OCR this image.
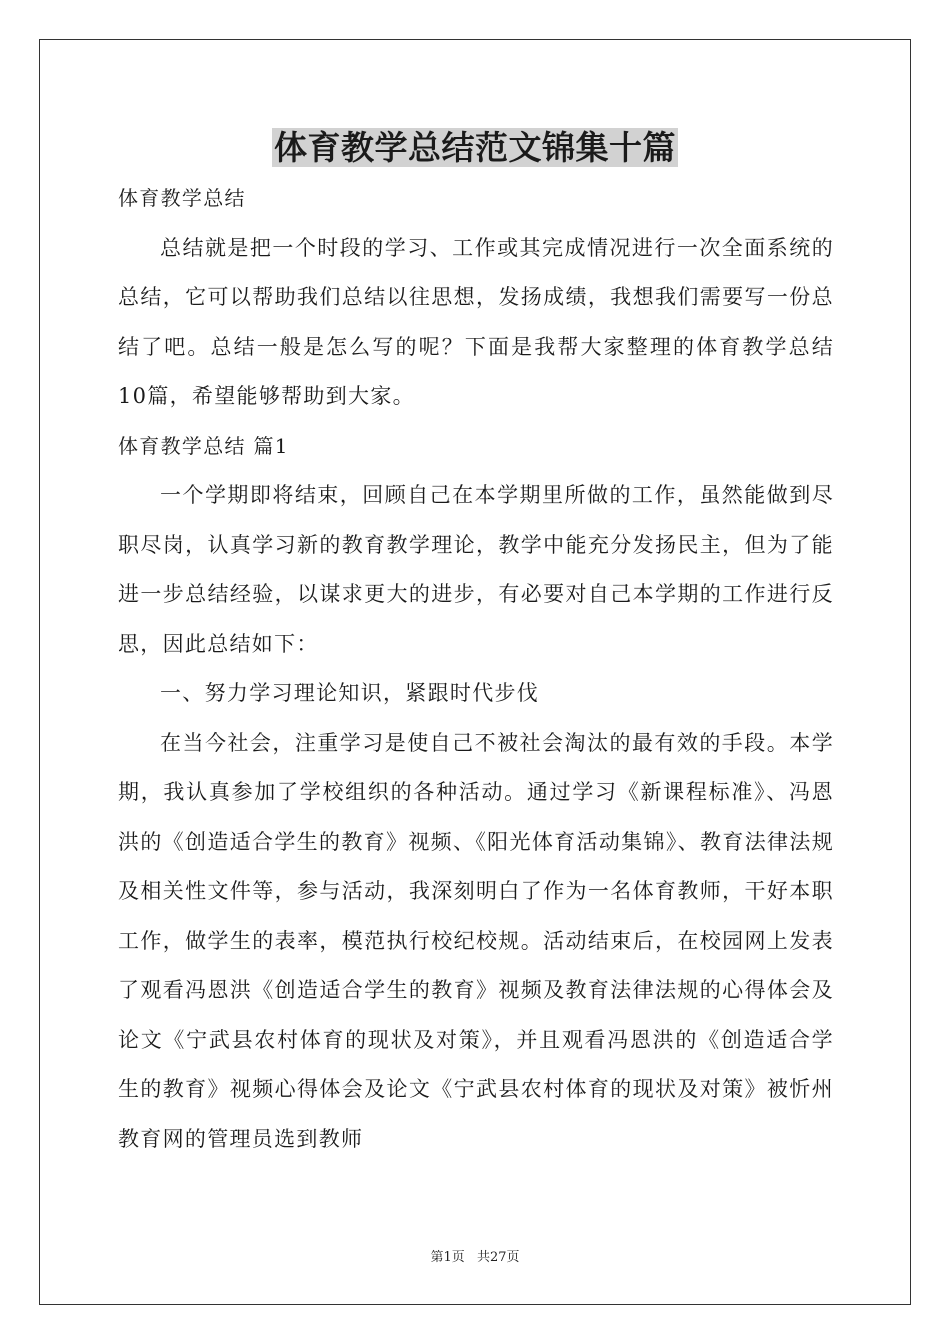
体育教学总结范文锦集十篇

体育教学总结

总结就是把一个时段的学习、工作或其完成情况进行一次全面系统的总结，它可以帮助我们总结以往思想，发扬成绩，我想我们需要写一份总结了吧。总结一般是怎么写的呢？下面是我帮大家整理的体育教学总结10篇，希望能够帮助到大家。

体育教学总结 篇1

一个学期即将结束，回顾自己在本学期里所做的工作，虽然能做到尽职尽岗，认真学习新的教育教学理论，教学中能充分发扬民主，但为了能进一步总结经验，以谋求更大的进步，有必要对自己本学期的工作进行反思，因此总结如下：

一、努力学习理论知识，紧跟时代步伐

在当今社会，注重学习是使自己不被社会淘汰的最有效的手段。本学期，我认真参加了学校组织的各种活动。通过学习《新课程标准》、冯恩洪的《创造适合学生的教育》视频、《阳光体育活动集锦》、教育法律法规及相关性文件等，参与活动，我深刻明白了作为一名体育教师，干好本职工作，做学生的表率，模范执行校纪校规。活动结束后，在校园网上发表了观看冯恩洪《创造适合学生的教育》视频及教育法律法规的心得体会及论文《宁武县农村体育的现状及对策》，并且观看冯恩洪的《创造适合学生的教育》视频心得体会及论文《宁武县农村体育的现状及对策》被忻州教育网的管理员选到教师

第1页 共27页
